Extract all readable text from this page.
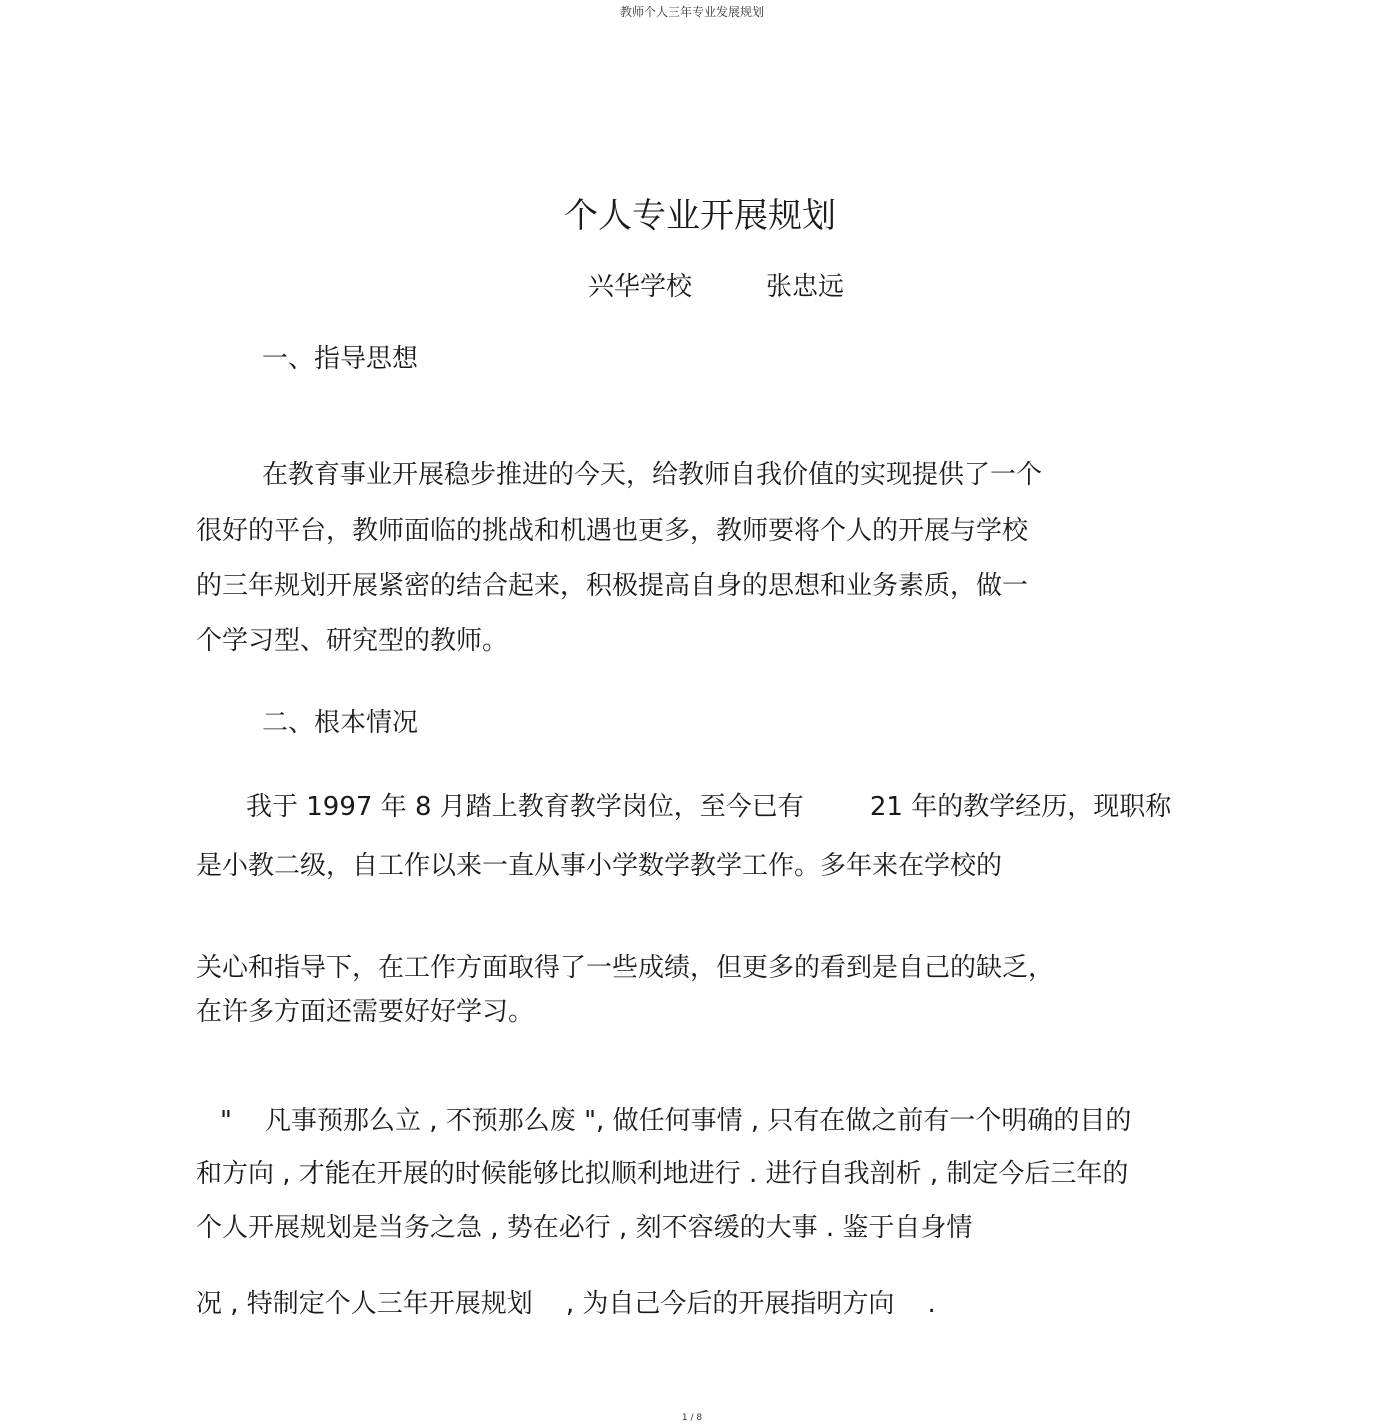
教师个人三年专业发展规划
个人专业开展规划
兴华学校	张忠远
一、指导思想
在教育事业开展稳步推进的今天，给教师自我价值的实现提供了一个
很好的平台，教师面临的挑战和机遇也更多，教师要将个人的开展与学校
的三年规划开展紧密的结合起来，积极提高自身的思想和业务素质，做一
个学习型、研究型的教师。
二、根本情况
我于 1997 年 8 月踏上教育教学岗位，至今已有        21 年的教学经历，现职称
是小教二级，自工作以来一直从事小学数学教学工作。多年来在学校的
关心和指导下，在工作方面取得了一些成绩，但更多的看到是自己的缺乏，
在许多方面还需要好好学习。
"    凡事预那么立 , 不预那么废 ", 做任何事情 , 只有在做之前有一个明确的目的
和方向 , 才能在开展的时候能够比拟顺利地进行 . 进行自我剖析 , 制定今后三年的
个人开展规划是当务之急 , 势在必行 , 刻不容缓的大事 . 鉴于自身情
况 , 特制定个人三年开展规划    , 为自己今后的开展指明方向    .
1 / 8
